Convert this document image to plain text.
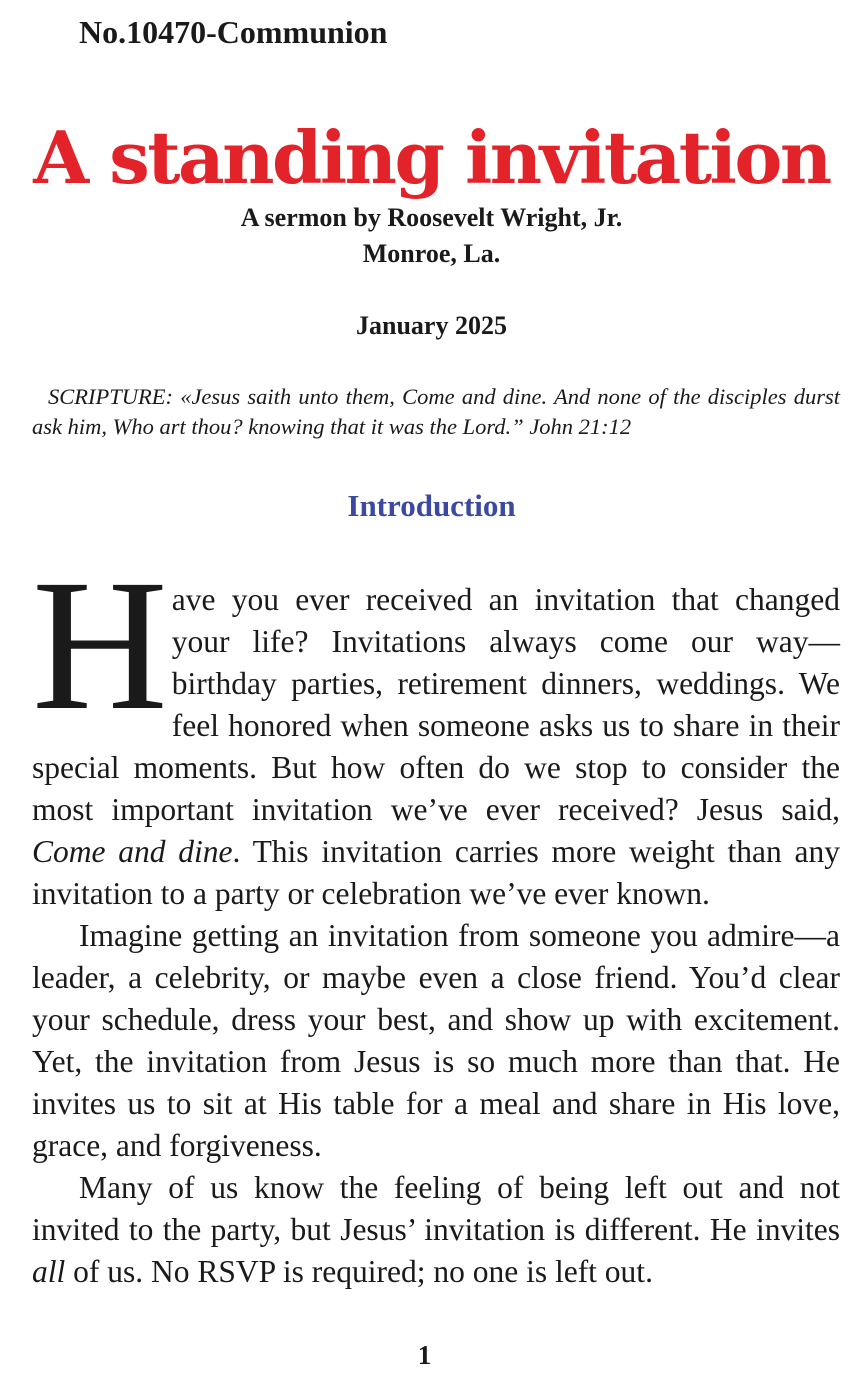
No.10470-Communion

A standing invitation

A sermon by Roosevelt Wright, Jr.

Monroe, La.

January 2025

SCRIPTURE: «Jesus saith unto them, Come and dine. And none of the disciples durst ask him, Who art thou? knowing that it was the Lord.” John 21:12

Introduction

Have you ever received an invitation that changed your life? Invitations always come our way—birthday parties, retirement dinners, weddings. We feel honored when someone asks us to share in their special moments. But how often do we stop to consider the most important invitation we’ve ever received? Jesus said, Come and dine. This invitation carries more weight than any invitation to a party or celebration we’ve ever known.

Imagine getting an invitation from someone you admire—a leader, a celebrity, or maybe even a close friend. You’d clear your schedule, dress your best, and show up with excitement. Yet, the invitation from Jesus is so much more than that. He invites us to sit at His table for a meal and share in His love, grace, and forgiveness.

Many of us know the feeling of being left out and not invited to the party, but Jesus’ invitation is different. He invites all of us. No RSVP is required; no one is left out.

1
